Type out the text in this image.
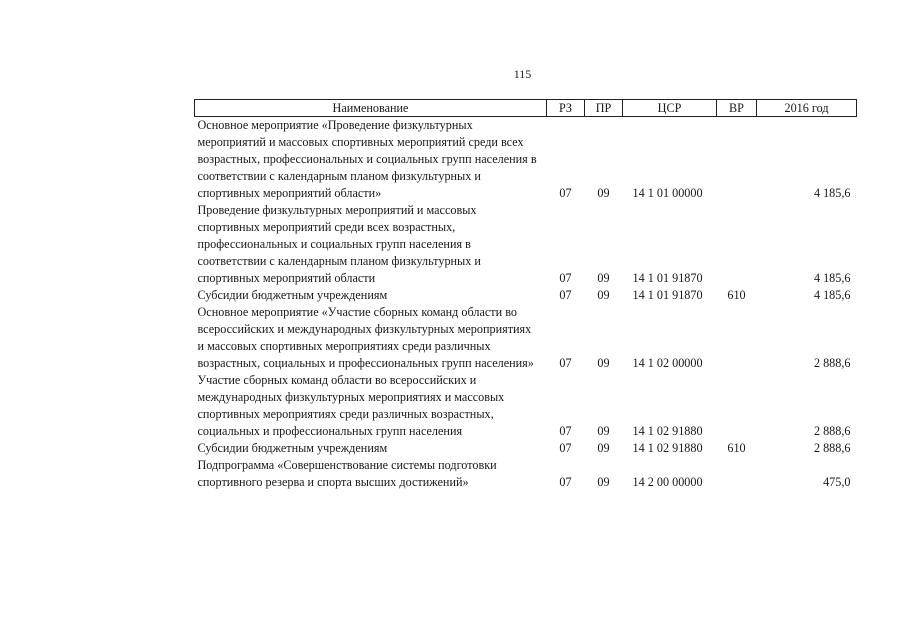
115
Наименование	РЗ	ПР	ЦСР	ВР	2016 год
Основное мероприятие «Проведение физкультурных мероприятий и массовых спортивных мероприятий среди всех возрастных, профессиональных и социальных групп населения в соответствии с календарным планом физкультурных и спортивных мероприятий области»	07	09	14 1 01 00000		4 185,6
Проведение физкультурных мероприятий и массовых спортивных мероприятий среди всех возрастных, профессиональных и социальных групп населения в соответствии с календарным планом физкультурных и спортивных мероприятий области	07	09	14 1 01 91870		4 185,6
Субсидии бюджетным учреждениям	07	09	14 1 01 91870	610	4 185,6
Основное мероприятие «Участие сборных команд области во всероссийских и международных физкультурных мероприятиях и массовых спортивных мероприятиях среди различных возрастных, социальных и профессиональных групп населения»	07	09	14 1 02 00000		2 888,6
Участие сборных команд области во всероссийских и международных физкультурных мероприятиях и массовых спортивных мероприятиях среди различных возрастных, социальных и профессиональных групп населения	07	09	14 1 02 91880		2 888,6
Субсидии бюджетным учреждениям	07	09	14 1 02 91880	610	2 888,6
Подпрограмма «Совершенствование системы подготовки спортивного резерва и спорта высших достижений»	07	09	14 2 00 00000		475,0
